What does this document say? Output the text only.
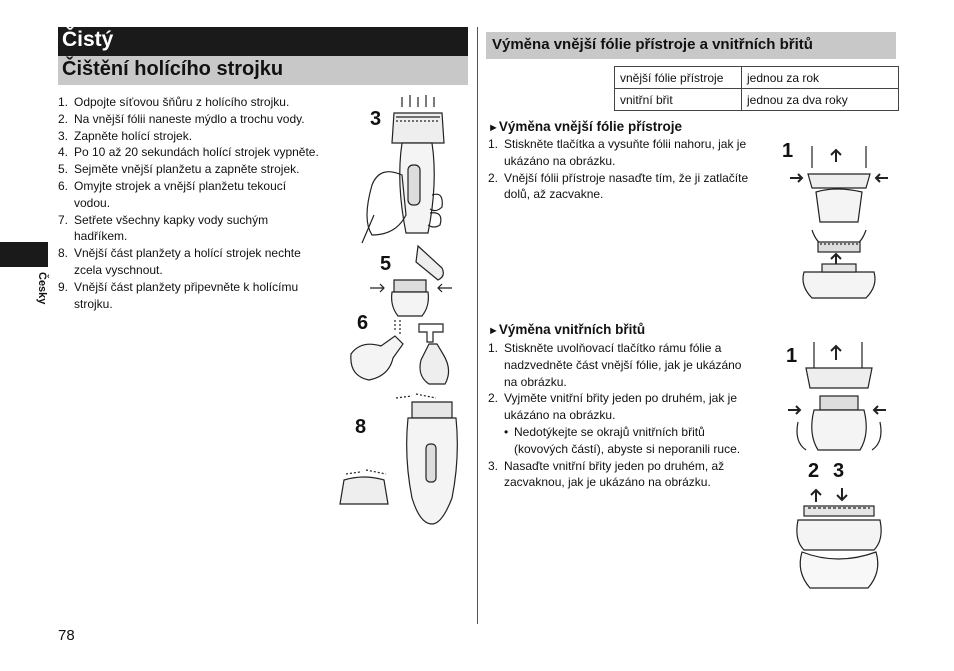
Čistý
Čištění holícího strojku
Česky
1. Odpojte síťovou šňůru z holícího strojku.
2. Na vnější fólii naneste mýdlo a trochu vody.
3. Zapněte holící strojek.
4. Po 10 až 20 sekundách holící strojek vypněte.
5. Sejměte vnější planžetu a zapněte strojek.
6. Omyjte strojek a vnější planžetu tekoucí
vodou.
7. Setřete všechny kapky vody suchým
hadříkem.
8. Vnější část planžety a holící strojek nechte
zcela vyschnout.
9. Vnější část planžety připevněte k holícímu
strojku.
3
5
6
8
Výměna vnější fólie přístroje a vnitřních břitů
vnější fólie přístroje	jednou za rok
vnitřní břit	jednou za dva roky
►Výměna vnější fólie přístroje
1. Stiskněte tlačítka a vysuňte fólii nahoru, jak je
ukázáno na obrázku.
2. Vnější fólii přístroje nasaďte tím, že ji zatlačíte
dolů, až zacvakne.
1
►Výměna vnitřních břitů
1. Stiskněte uvolňovací tlačítko rámu fólie a
nadzvedněte část vnější fólie, jak je ukázáno
na obrázku.
2. Vyjměte vnitřní břity jeden po druhém, jak je
ukázáno na obrázku.
• Nedotýkejte se okrajů vnitřních břitů
(kovových částí), abyste si neporanili ruce.
3. Nasaďte vnitřní břity jeden po druhém, až
zacvaknou, jak je ukázáno na obrázku.
1
2 3
78
